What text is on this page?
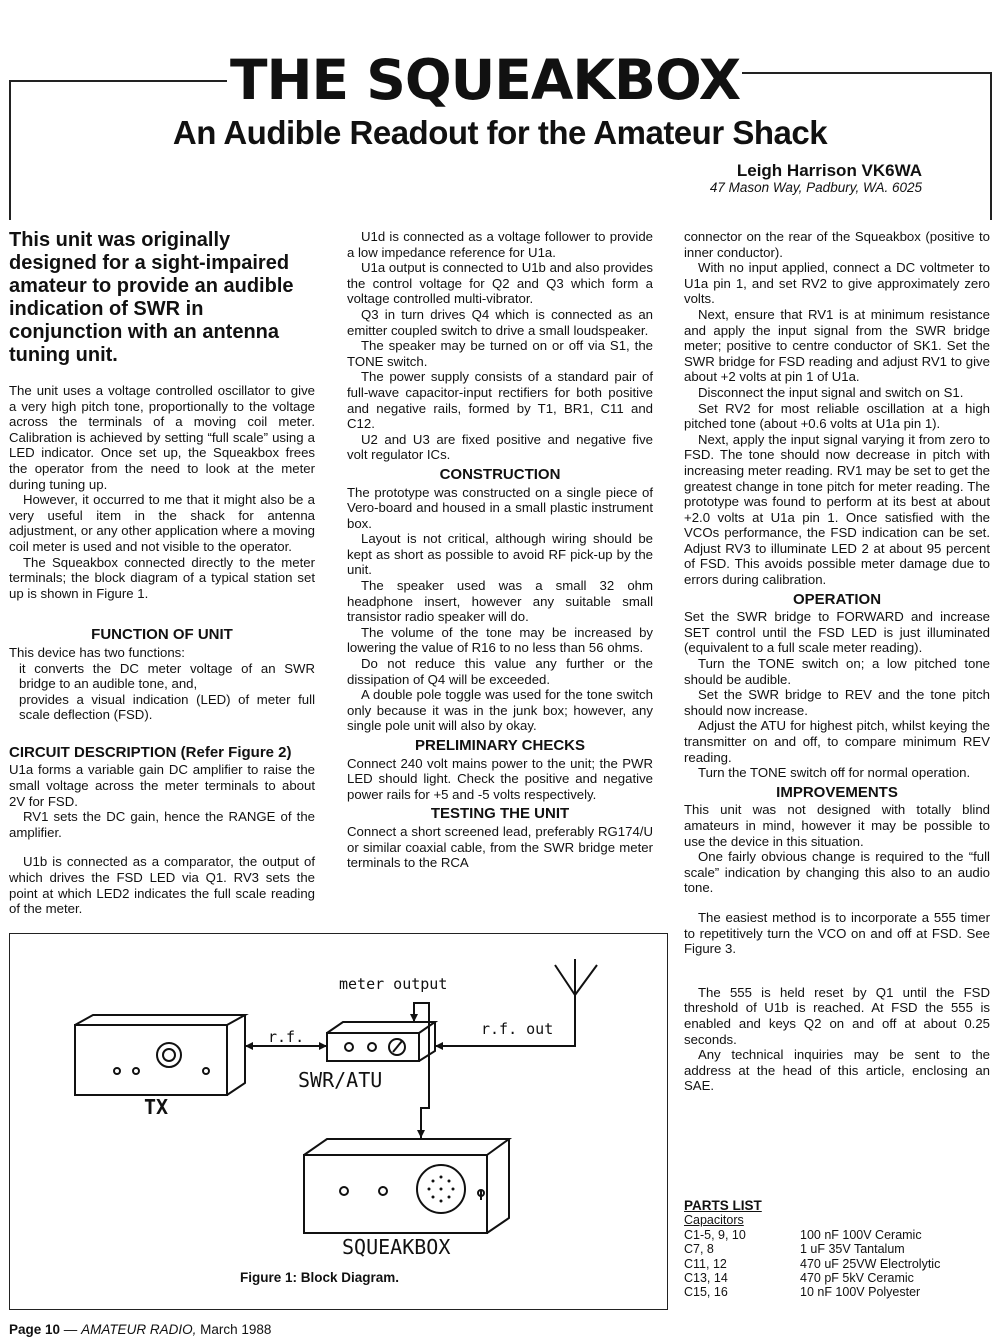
THE SQUEAKBOX
An Audible Readout for the Amateur Shack
Leigh Harrison VK6WA
47 Mason Way, Padbury, WA. 6025
This unit was originally designed for a sight-impaired amateur to provide an audible indication of SWR in conjunction with an antenna tuning unit.

The unit uses a voltage controlled oscillator to give a very high pitch tone, proportionally to the voltage across the terminals of a moving coil meter. Calibration is achieved by setting “full scale” using a LED indicator. Once set up, the Squeakbox frees the operator from the need to look at the meter during tuning up.

However, it occurred to me that it might also be a very useful item in the shack for antenna adjustment, or any other application where a moving coil meter is used and not visible to the operator.

The Squeakbox connected directly to the meter terminals; the block diagram of a typical station set up is shown in Figure 1.

FUNCTION OF UNIT

This device has two functions:

it converts the DC meter voltage of an SWR bridge to an audible tone, and,
provides a visual indication (LED) of meter full scale deflection (FSD).
CIRCUIT DESCRIPTION (Refer Figure 2)

U1a forms a variable gain DC amplifier to raise the small voltage across the meter terminals to about 2V for FSD.

RV1 sets the DC gain, hence the RANGE of the amplifier.

U1b is connected as a comparator, the output of which drives the FSD LED via Q1. RV3 sets the point at which LED2 indicates the full scale reading of the meter.

U1d is connected as a voltage follower to provide a low impedance reference for U1a.

U1a output is connected to U1b and also provides the control voltage for Q2 and Q3 which form a voltage controlled multi-vibrator.

Q3 in turn drives Q4 which is connected as an emitter coupled switch to drive a small loudspeaker.

The speaker may be turned on or off via S1, the TONE switch.

The power supply consists of a standard pair of full-wave capacitor-input rectifiers for both positive and negative rails, formed by T1, BR1, C11 and C12.

U2 and U3 are fixed positive and negative five volt regulator ICs.

CONSTRUCTION

The prototype was constructed on a single piece of Vero-board and housed in a small plastic instrument box.

Layout is not critical, although wiring should be kept as short as possible to avoid RF pick-up by the unit.

The speaker used was a small 32 ohm headphone insert, however any suitable small transistor radio speaker will do.

The volume of the tone may be increased by lowering the value of R16 to no less than 56 ohms.

Do not reduce this value any further or the dissipation of Q4 will be exceeded.

A double pole toggle was used for the tone switch only because it was in the junk box; however, any single pole unit will also by okay.

PRELIMINARY CHECKS

Connect 240 volt mains power to the unit; the PWR LED should light. Check the positive and negative power rails for +5 and -5 volts respectively.

TESTING THE UNIT

Connect a short screened lead, preferably RG174/U or similar coaxial cable, from the SWR bridge meter terminals to the RCA

connector on the rear of the Squeakbox (positive to inner conductor).

With no input applied, connect a DC voltmeter to U1a pin 1, and set RV2 to give approximately zero volts.

Next, ensure that RV1 is at minimum resistance and apply the input signal from the SWR bridge meter; positive to centre conductor of SK1. Set the SWR bridge for FSD reading and adjust RV1 to give about +2 volts at pin 1 of U1a.

Disconnect the input signal and switch on S1.

Set RV2 for most reliable oscillation at a high pitched tone (about +0.6 volts at U1a pin 1).

Next, apply the input signal varying it from zero to FSD. The tone should now decrease in pitch with increasing meter reading. RV1 may be set to get the greatest change in tone pitch for meter reading. The prototype was found to perform at its best at about +2.0 volts at U1a pin 1. Once satisfied with the VCOs performance, the FSD indication can be set. Adjust RV3 to illuminate LED 2 at about 95 percent of FSD. This avoids possible meter damage due to errors during calibration.

OPERATION

Set the SWR bridge to FORWARD and increase SET control until the FSD LED is just illuminated (equivalent to a full scale meter reading).

Turn the TONE switch on; a low pitched tone should be audible.

Set the SWR bridge to REV and the tone pitch should now increase.

Adjust the ATU for highest pitch, whilst keying the transmitter on and off, to compare minimum REV reading.

Turn the TONE switch off for normal operation.

IMPROVEMENTS

This unit was not designed with totally blind amateurs in mind, however it may be possible to use the device in this situation.

One fairly obvious change is required to the “full scale” indication by changing this also to an audio tone.

The easiest method is to incorporate a 555 timer to repetitively turn the VCO on and off at FSD. See Figure 3.

The 555 is held reset by Q1 until the FSD threshold of U1b is reached. At FSD the 555 is enabled and keys Q2 on and off at about 0.25 seconds.

Any technical inquiries may be sent to the address at the head of this article, enclosing an SAE.

PARTS LIST
Capacitors
C1-5, 9, 10	100 nF 100V Ceramic
C7, 8	1 uF 35V Tantalum
C11, 12	470 uF 25VW Electrolytic
C13, 14	470 pF 5kV Ceramic
C15, 16	10 nF 100V Polyester
meter output
r.f.	r.f. out
SWR/ATU
TX
SQUEAKBOX
Figure 1: Block Diagram.
Page 10 — AMATEUR RADIO, March 1988
